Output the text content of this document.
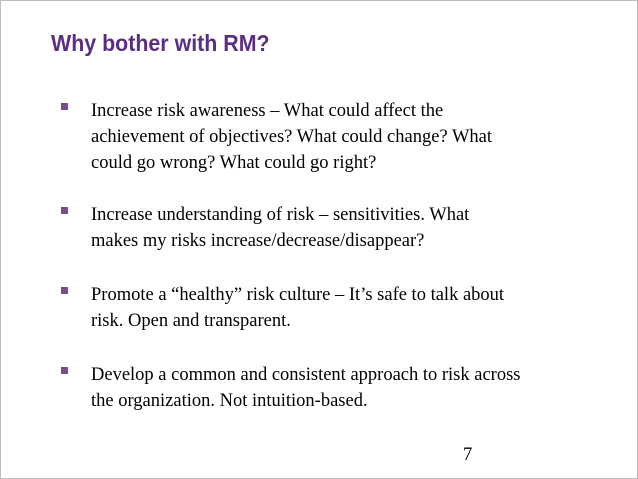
Why bother with RM?
Increase risk awareness – What could affect the
achievement of objectives? What could change? What
could go wrong? What could go right?
Increase understanding of risk – sensitivities. What
makes my risks increase/decrease/disappear?
Promote a “healthy” risk culture – It’s safe to talk about
risk. Open and transparent.
Develop a common and consistent approach to risk across
the organization. Not intuition-based.
7
